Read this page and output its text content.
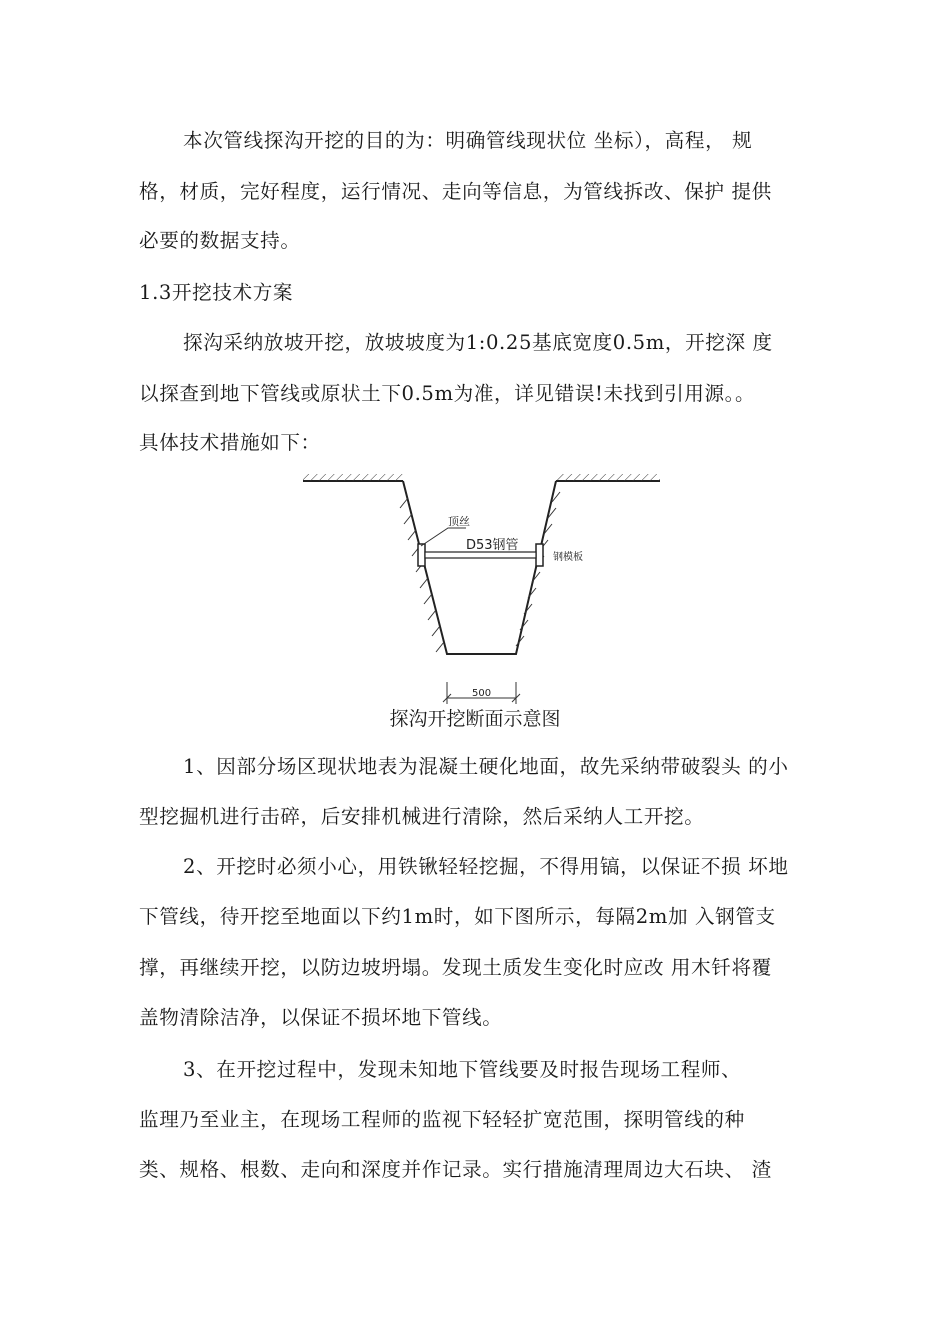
本次管线探沟开挖的目的为：明确管线现状位 坐标），高程， 规
格，材质，完好程度，运行情况、走向等信息，为管线拆改、保护 提供
必要的数据支持。
1.3开挖技术方案
探沟采纳放坡开挖，放坡坡度为1:0.25基底宽度0.5m，开挖深 度
以探查到地下管线或原状土下0.5m为准，详见错误!未找到引用源。。
具体技术措施如下：
顶丝
D53钢管
钢模板
500
探沟开挖断面示意图
1、因部分场区现状地表为混凝土硬化地面，故先采纳带破裂头 的小
型挖掘机进行击碎，后安排机械进行清除，然后采纳人工开挖。
2、开挖时必须小心，用铁锹轻轻挖掘，不得用镐，以保证不损 坏地
下管线，待开挖至地面以下约1m时，如下图所示，每隔2m加 入钢管支
撑，再继续开挖，以防边坡坍塌。发现土质发生变化时应改 用木钎将覆
盖物清除洁净，以保证不损坏地下管线。
3、在开挖过程中，发现未知地下管线要及时报告现场工程师、
监理乃至业主，在现场工程师的监视下轻轻扩宽范围，探明管线的种
类、规格、根数、走向和深度并作记录。实行措施清理周边大石块、 渣
